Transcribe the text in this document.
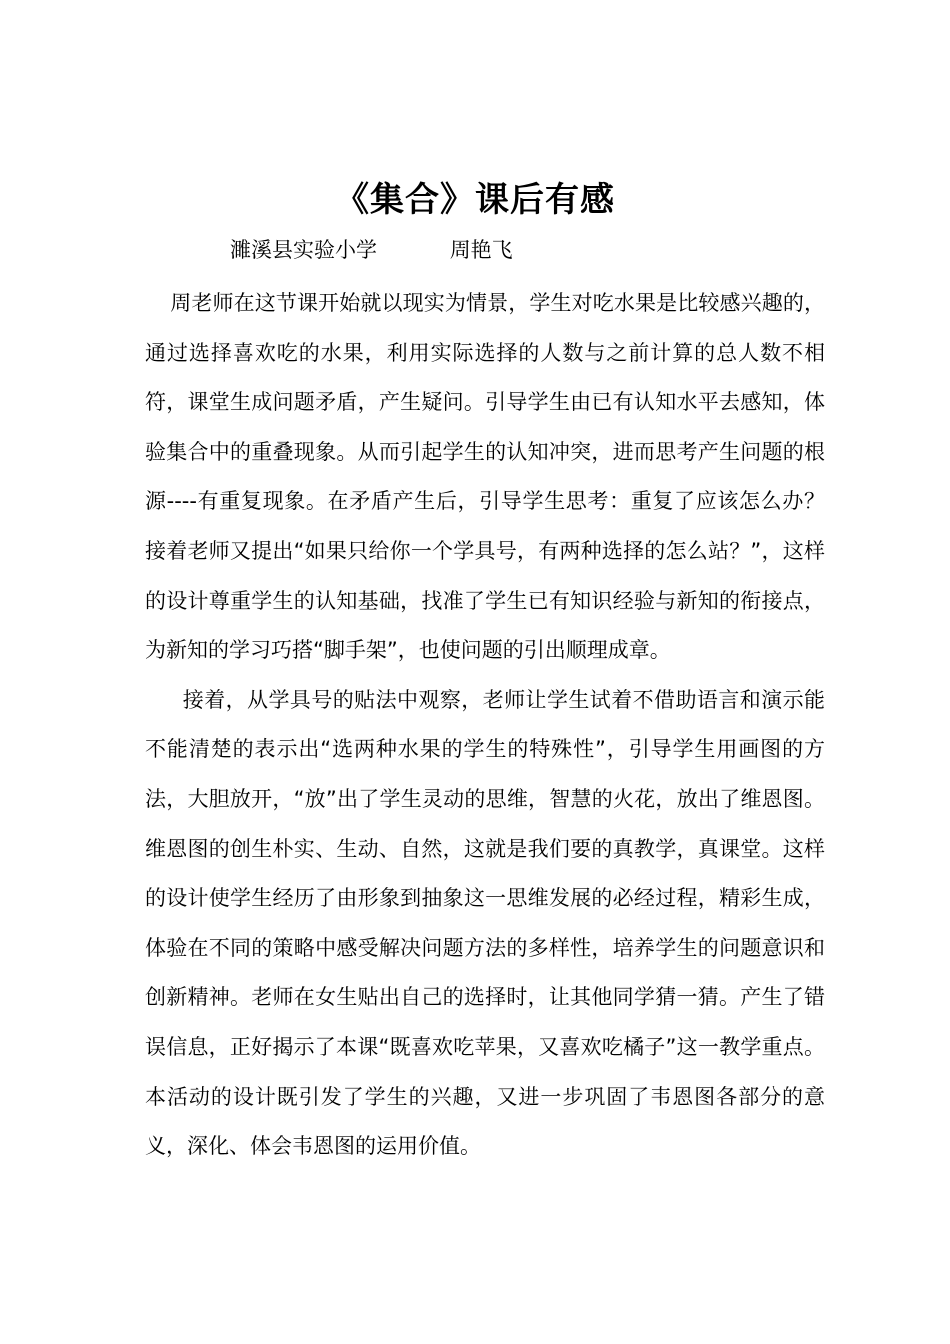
《集合》课后有感
濉溪县实验小学	周艳飞

周老师在这节课开始就以现实为情景，学生对吃水果是比较感兴趣的，通过选择喜欢吃的水果，利用实际选择的人数与之前计算的总人数不相符，课堂生成问题矛盾，产生疑问。引导学生由已有认知水平去感知，体验集合中的重叠现象。从而引起学生的认知冲突，进而思考产生问题的根源----有重复现象。在矛盾产生后，引导学生思考：重复了应该怎么办？接着老师又提出“如果只给你一个学具号，有两种选择的怎么站？”，这样的设计尊重学生的认知基础，找准了学生已有知识经验与新知的衔接点，为新知的学习巧搭“脚手架”，也使问题的引出顺理成章。

接着，从学具号的贴法中观察，老师让学生试着不借助语言和演示能不能清楚的表示出“选两种水果的学生的特殊性”，引导学生用画图的方法，大胆放开，“放”出了学生灵动的思维，智慧的火花，放出了维恩图。维恩图的创生朴实、生动、自然，这就是我们要的真教学，真课堂。这样的设计使学生经历了由形象到抽象这一思维发展的必经过程，精彩生成，体验在不同的策略中感受解决问题方法的多样性，培养学生的问题意识和创新精神。老师在女生贴出自己的选择时，让其他同学猜一猜。产生了错误信息，正好揭示了本课“既喜欢吃苹果，又喜欢吃橘子”这一教学重点。本活动的设计既引发了学生的兴趣，又进一步巩固了韦恩图各部分的意义，深化、体会韦恩图的运用价值。
